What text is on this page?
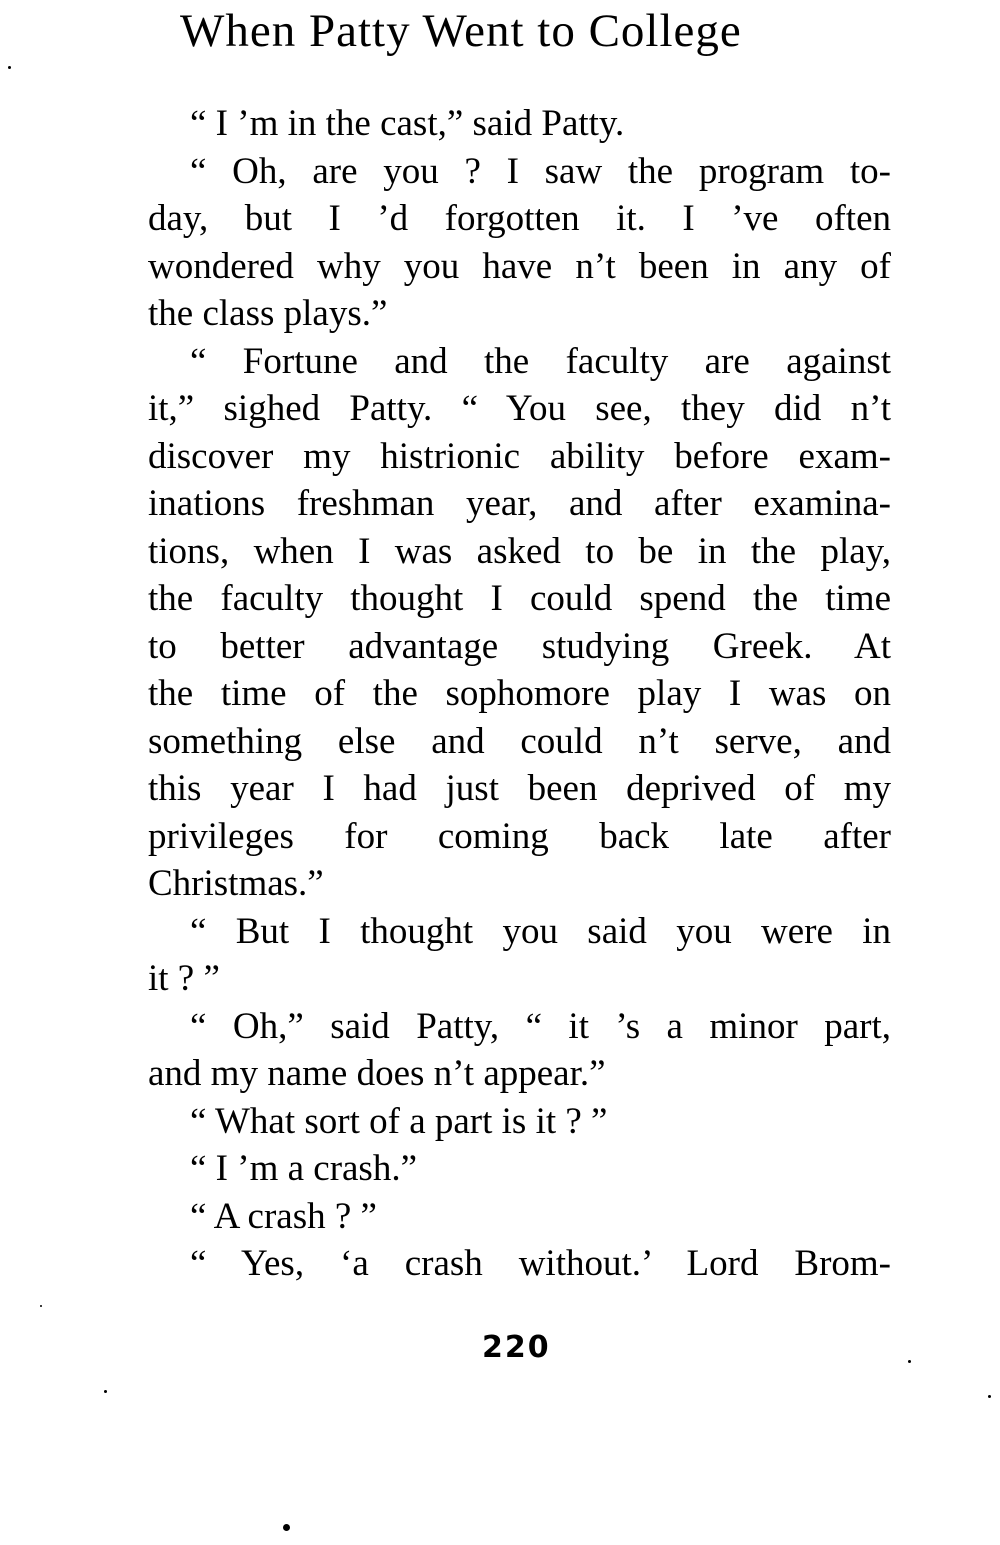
When Patty Went to College
“ I ’m in the cast,” said Patty.
“ Oh, are you ? I saw the program to-
day, but I ’d forgotten it. I ’ve often
wondered why you have n’t been in any of
the class plays.”
“ Fortune and the faculty are against
it,” sighed Patty. “ You see, they did n’t
discover my histrionic ability before exam-
inations freshman year, and after examina-
tions, when I was asked to be in the play,
the faculty thought I could spend the time
to better advantage studying Greek. At
the time of the sophomore play I was on
something else and could n’t serve, and
this year I had just been deprived of my
privileges for coming back late after
Christmas.”
“ But I thought you said you were in
it ? ”
“ Oh,” said Patty, “ it ’s a minor part,
and my name does n’t appear.”
“ What sort of a part is it ? ”
“ I ’m a crash.”
“ A crash ? ”
“ Yes, ‘a crash without.’ Lord Brom-
220
